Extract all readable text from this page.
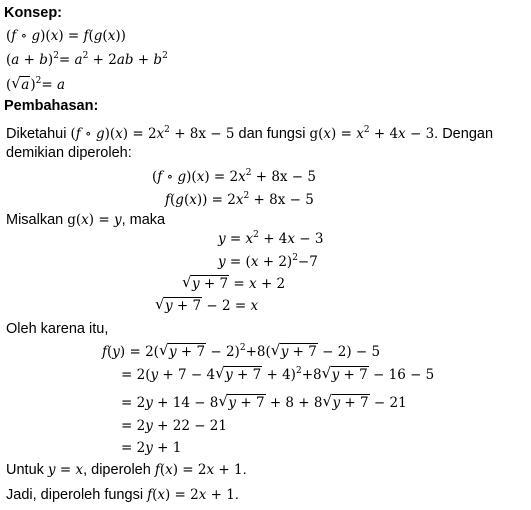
Konsep:
(f ∘ g)(x) = f(g(x))
$(a + b)^2= a^2 + 2ab + b^2$
( √ a)$^2$= a
Pembahasan:
Diketahui (f ∘ $g)(x) = 2x^2 + 8x - 5$ dan fungsi $g(x) = x^2 + 4x - 3$. Dengan
demikian diperoleh:
(f ∘ $g)(x) = 2x^2 + 8x - 5$
$f(g(x)) = 2x^2 + 8x - 5$
Misalkan g(x) = y, maka
$y = x^2 + 4x - 3$
$y = (x + 2)^2-7$
√ y + 7 = x + 2
√ y + 7 − 2 = x
Oleh karena itu,
f(y) = 2( √ y + 7 − 2)$^2$+8( √ y + 7 − 2) − 5
= 2(y + 7 − 4 √ y + 7 + 4)$^2$+8 √ y + 7 − 16 − 5
= 2y + 14 − 8 √ y + 7 + 8 + 8 √ y + 7 − 21
= 2y + 22 − 21
= 2y + 1
Untuk y = x, diperoleh f(x) = 2x + 1.
Jadi, diperoleh fungsi f(x) = 2x + 1.
